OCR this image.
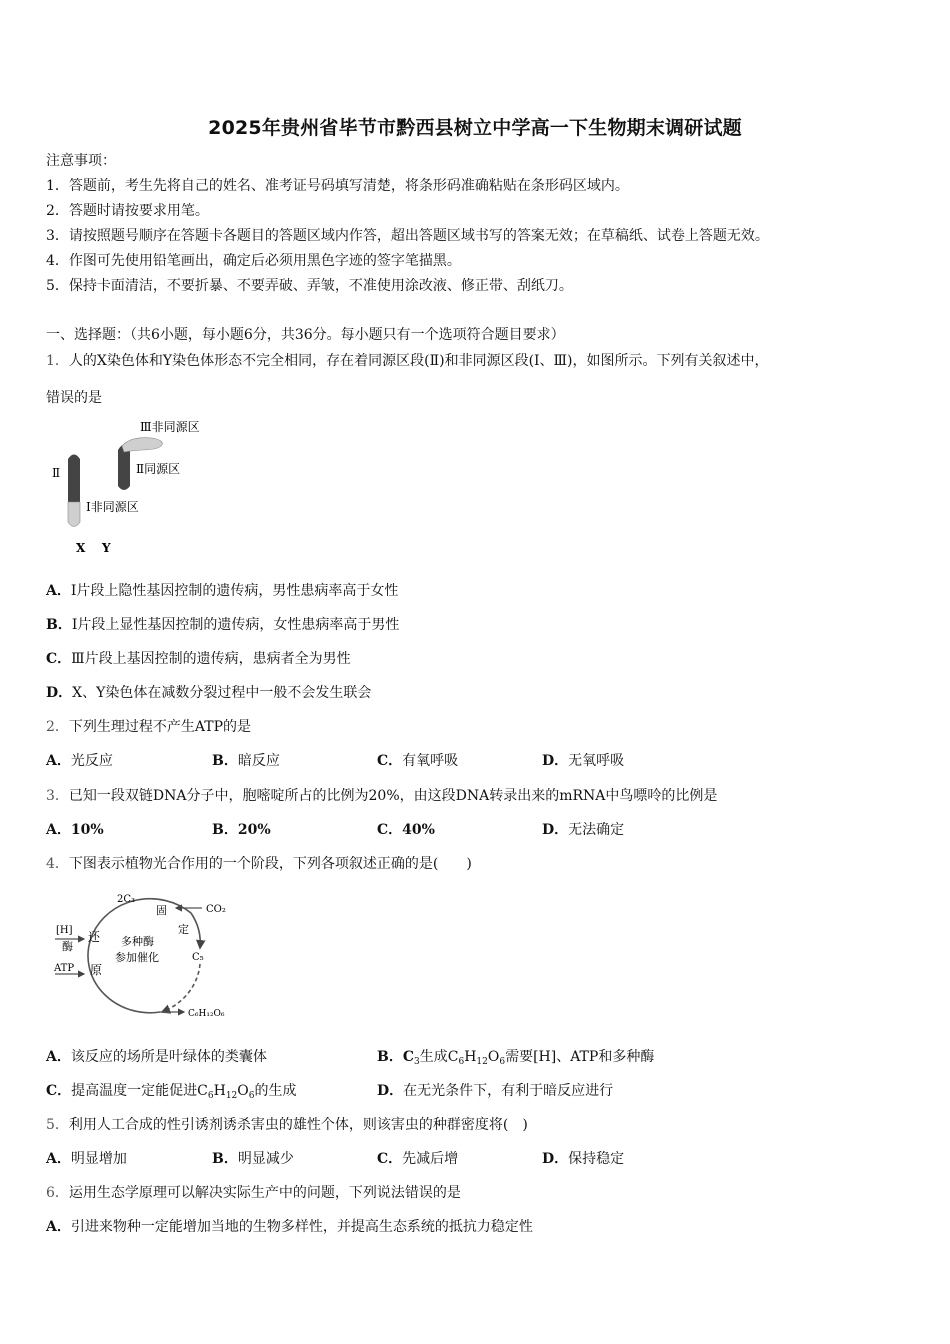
2025年贵州省毕节市黔西县树立中学高一下生物期末调研试题
注意事项：
1．答题前，考生先将自己的姓名、准考证号码填写清楚，将条形码准确粘贴在条形码区域内。
2．答题时请按要求用笔。
3．请按照题号顺序在答题卡各题目的答题区域内作答，超出答题区域书写的答案无效；在草稿纸、试卷上答题无效。
4．作图可先使用铅笔画出，确定后必须用黑色字迹的签字笔描黑。
5．保持卡面清洁，不要折暴、不要弄破、弄皱，不准使用涂改液、修正带、刮纸刀。
一、选择题：（共6小题，每小题6分，共36分。每小题只有一个选项符合题目要求）
1．人的X染色体和Y染色体形态不完全相同，存在着同源区段(Ⅱ)和非同源区段(Ⅰ、Ⅲ)，如图所示。下列有关叙述中，
错误的是
Ⅲ非同源区
Ⅱ同源区
Ⅱ
Ⅰ非同源区
X Y
A．Ⅰ片段上隐性基因控制的遗传病，男性患病率高于女性
B．Ⅰ片段上显性基因控制的遗传病，女性患病率高于男性
C．Ⅲ片段上基因控制的遗传病，患病者全为男性
D．X、Y染色体在减数分裂过程中一般不会发生联会
2．下列生理过程不产生ATP的是
A．光反应	B．暗反应	C．有氧呼吸	D．无氧呼吸
3．已知一段双链DNA分子中，胞嘧啶所占的比例为20%，由这段DNA转录出来的mRNA中鸟嘌呤的比例是
A．10%	B．20%	C．40%	D．无法确定
4．下图表示植物光合作用的一个阶段，下列各项叙述正确的是(　　)
2C₃
固
定
CO₂
[H]
酶
还
原
多种酶
参加催化	C₅
ATP
C₆H₁₂O₆
A．该反应的场所是叶绿体的类囊体	B．$C_3$生成$C_6H_{12}O_6$需要[H]、ATP和多种酶
C．提高温度一定能促进$C_6H_{12}O_6$的生成	D．在无光条件下，有利于暗反应进行
5．利用人工合成的性引诱剂诱杀害虫的雄性个体，则该害虫的种群密度将(　)
A．明显增加	B．明显减少	C．先减后增	D．保持稳定
6．运用生态学原理可以解决实际生产中的问题，下列说法错误的是
A．引进来物种一定能增加当地的生物多样性，并提高生态系统的抵抗力稳定性
